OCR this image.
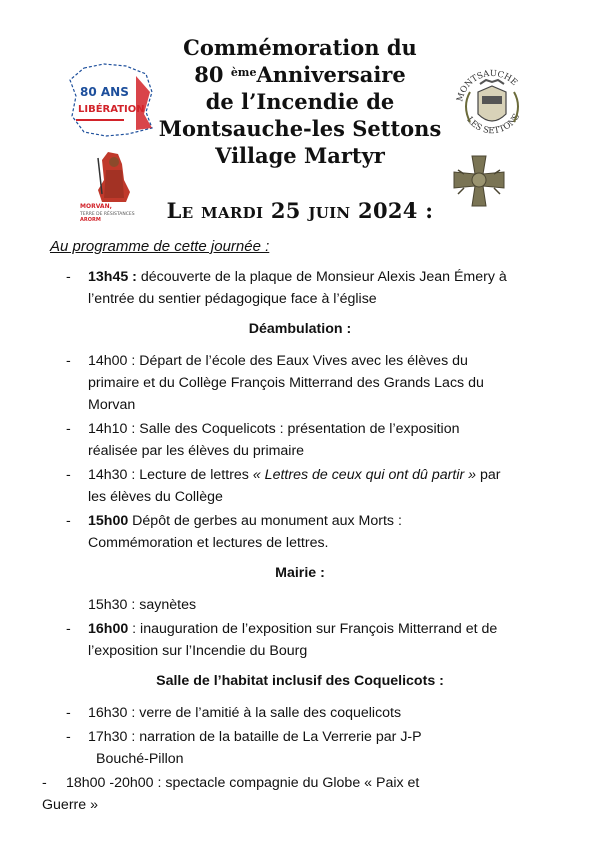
Commémoration du
80 $^{ème}$Anniversaire
de l’Incendie de
Montsauche-les Settons
Village Martyr
Le mardi 25 juin 2024 :
80 ANS
LIBÉRATION
MORVAN,
TERRE DE RÉSISTANCES
ARORM
MONTSAUCHE
LES SETTONS
Au programme de cette journée :
- 13h45 : découverte de la plaque de Monsieur Alexis Jean Émery à
l’entrée du sentier pédagogique face à l’église
Déambulation :
- 14h00 : Départ de l’école des Eaux Vives avec les élèves du
primaire et du Collège François Mitterrand des Grands Lacs du
Morvan
- 14h10 : Salle des Coquelicots : présentation de l’exposition
réalisée par les élèves du primaire
- 14h30 : Lecture de lettres « Lettres de ceux qui ont dû partir » par
les élèves du Collège
- 15h00 Dépôt de gerbes au monument aux Morts :
Commémoration et lectures de lettres.
Mairie :
15h30 : saynètes
- 16h00 : inauguration de l’exposition sur François Mitterrand et de
l’exposition sur l’Incendie du Bourg
Salle de l’habitat inclusif des Coquelicots :
- 16h30 : verre de l’amitié à la salle des coquelicots
- 17h30 : narration de la bataille de La Verrerie par J-P
Bouché-Pillon
- 18h00 -20h00 : spectacle compagnie du Globe « Paix et
Guerre »
